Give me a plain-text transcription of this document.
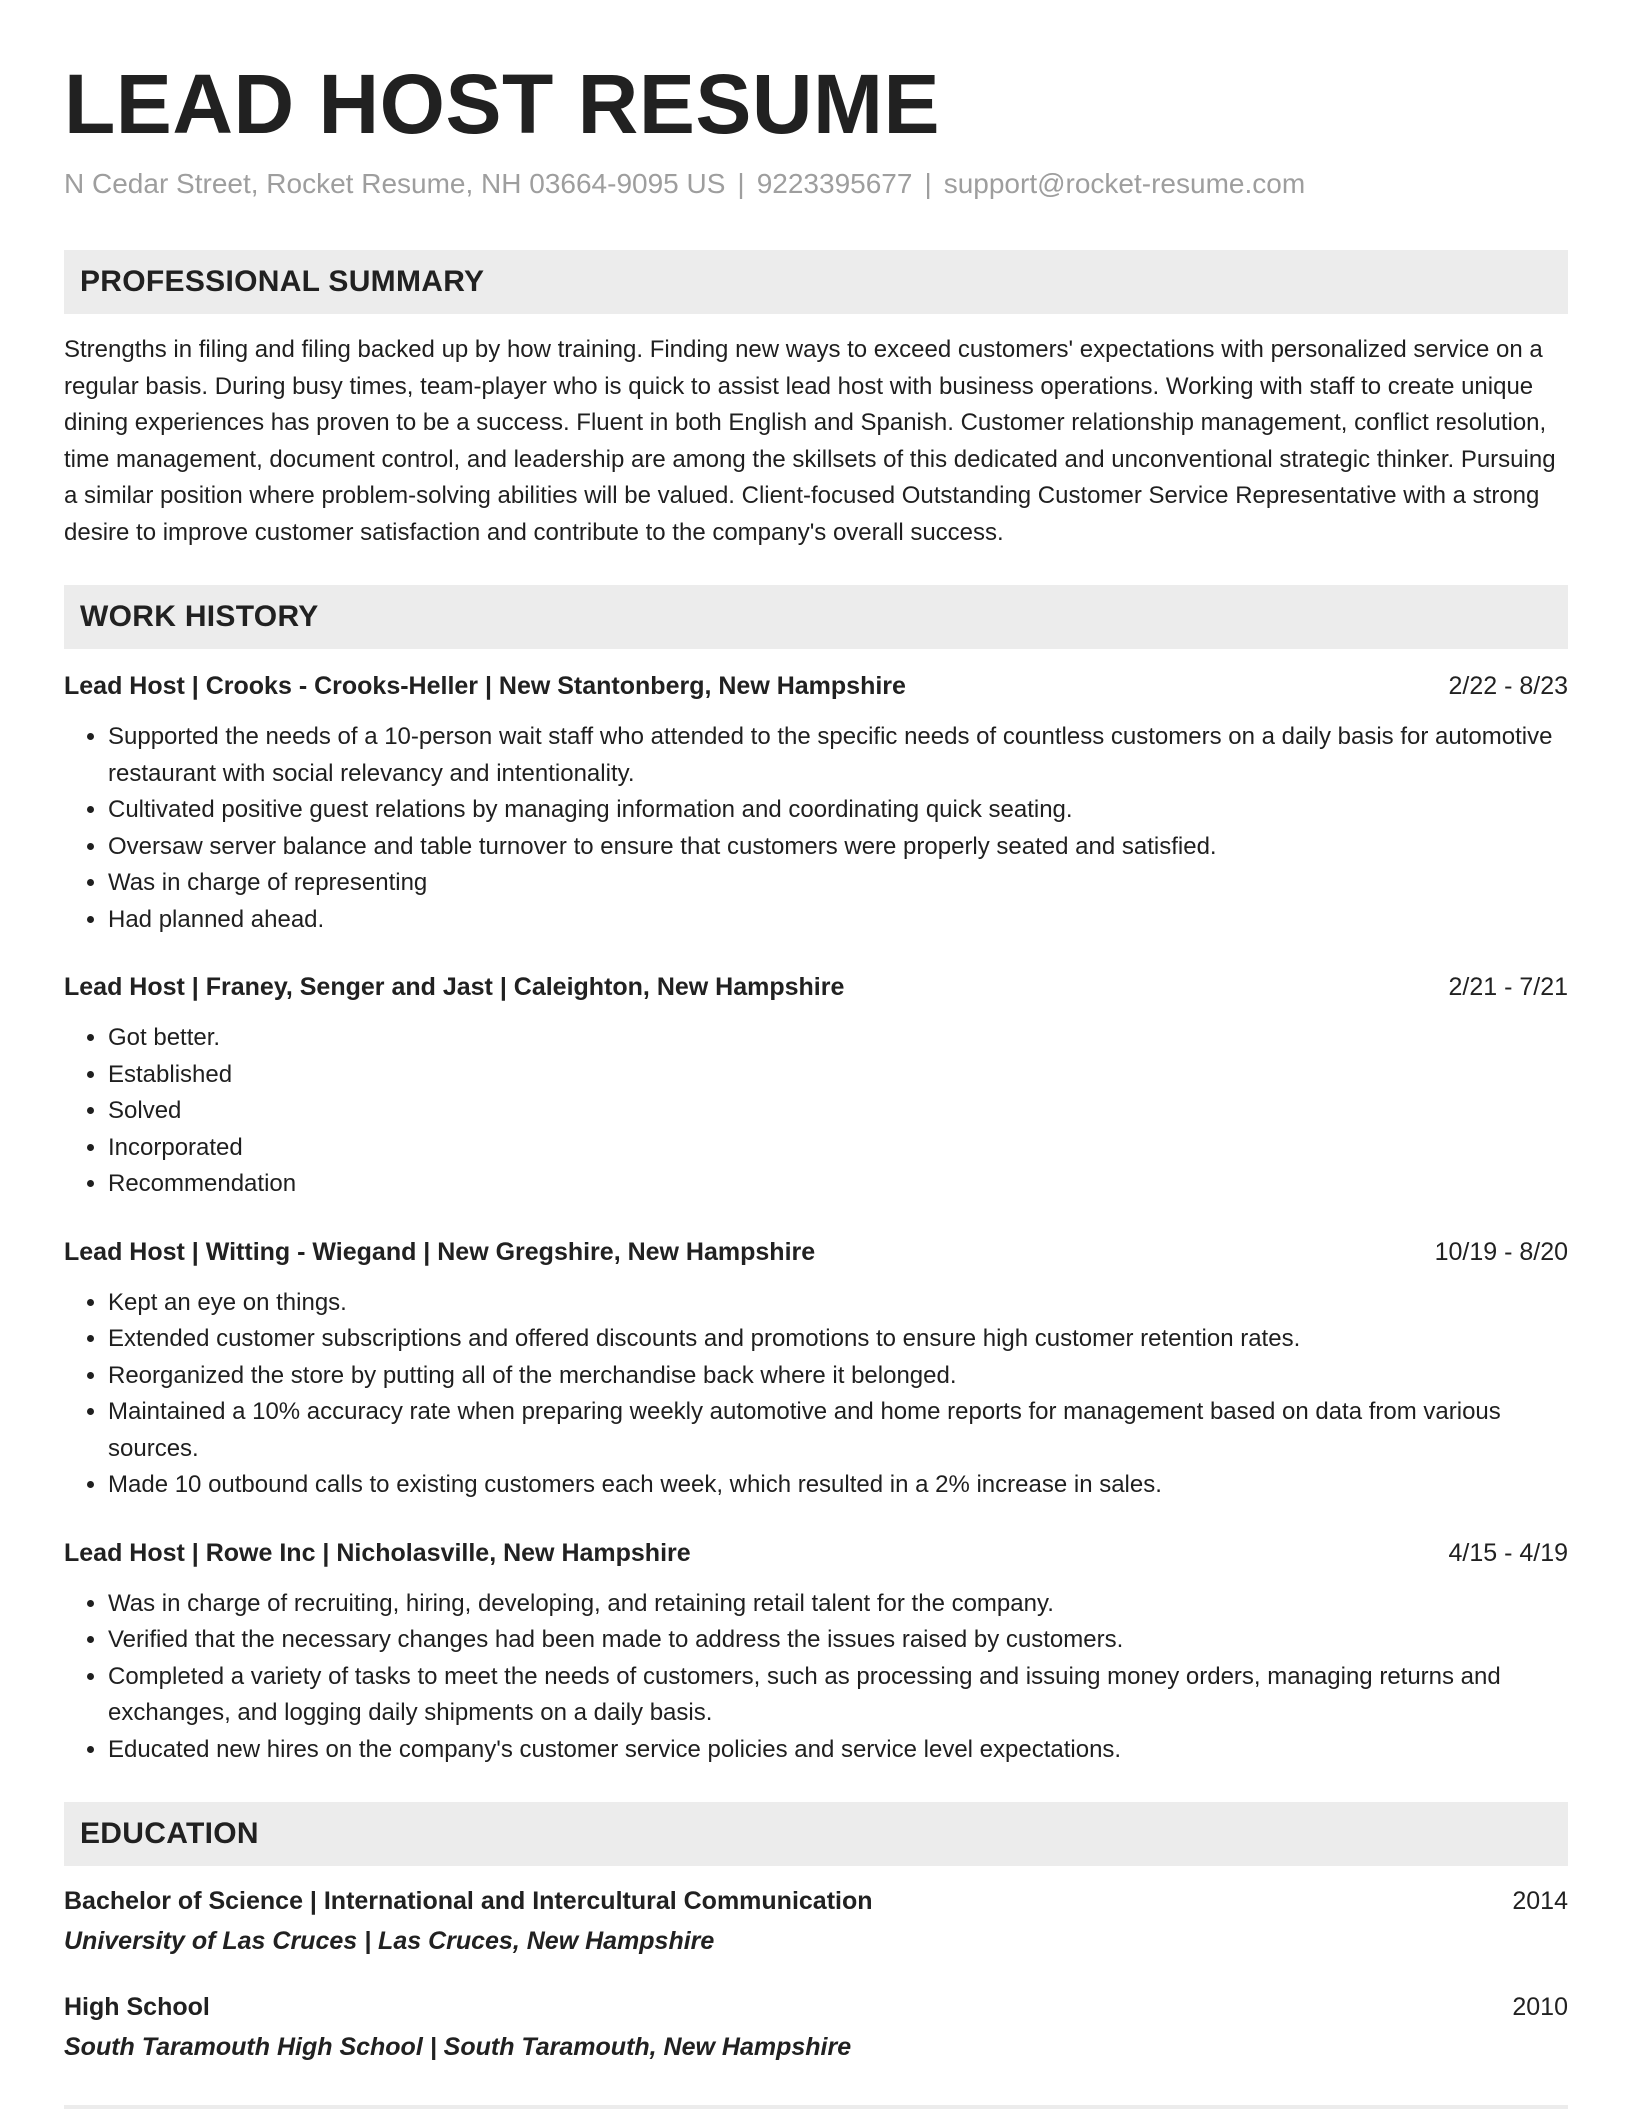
LEAD HOST RESUME
N Cedar Street, Rocket Resume, NH 03664-9095 US | 9223395677 | support@rocket-resume.com
PROFESSIONAL SUMMARY

Strengths in filing and filing backed up by how training. Finding new ways to exceed customers' expectations with personalized service on a regular basis. During busy times, team-player who is quick to assist lead host with business operations. Working with staff to create unique dining experiences has proven to be a success. Fluent in both English and Spanish. Customer relationship management, conflict resolution, time management, document control, and leadership are among the skillsets of this dedicated and unconventional strategic thinker. Pursuing a similar position where problem-solving abilities will be valued. Client-focused Outstanding Customer Service Representative with a strong desire to improve customer satisfaction and contribute to the company's overall success.

WORK HISTORY
Lead Host | Crooks - Crooks-Heller | New Stantonberg, New Hampshire	2/22 - 8/23
• Supported the needs of a 10-person wait staff who attended to the specific needs of countless customers on a daily basis for automotive restaurant with social relevancy and intentionality.
• Cultivated positive guest relations by managing information and coordinating quick seating.
• Oversaw server balance and table turnover to ensure that customers were properly seated and satisfied.
• Was in charge of representing
• Had planned ahead.
Lead Host | Franey, Senger and Jast | Caleighton, New Hampshire	2/21 - 7/21
• Got better.
• Established
• Solved
• Incorporated
• Recommendation
Lead Host | Witting - Wiegand | New Gregshire, New Hampshire	10/19 - 8/20
• Kept an eye on things.
• Extended customer subscriptions and offered discounts and promotions to ensure high customer retention rates.
• Reorganized the store by putting all of the merchandise back where it belonged.
• Maintained a 10% accuracy rate when preparing weekly automotive and home reports for management based on data from various sources.
• Made 10 outbound calls to existing customers each week, which resulted in a 2% increase in sales.
Lead Host | Rowe Inc | Nicholasville, New Hampshire	4/15 - 4/19
• Was in charge of recruiting, hiring, developing, and retaining retail talent for the company.
• Verified that the necessary changes had been made to address the issues raised by customers.
• Completed a variety of tasks to meet the needs of customers, such as processing and issuing money orders, managing returns and exchanges, and logging daily shipments on a daily basis.
• Educated new hires on the company's customer service policies and service level expectations.
EDUCATION
Bachelor of Science | International and Intercultural Communication	2014
University of Las Cruces | Las Cruces, New Hampshire
High School	2010
South Taramouth High School | South Taramouth, New Hampshire
